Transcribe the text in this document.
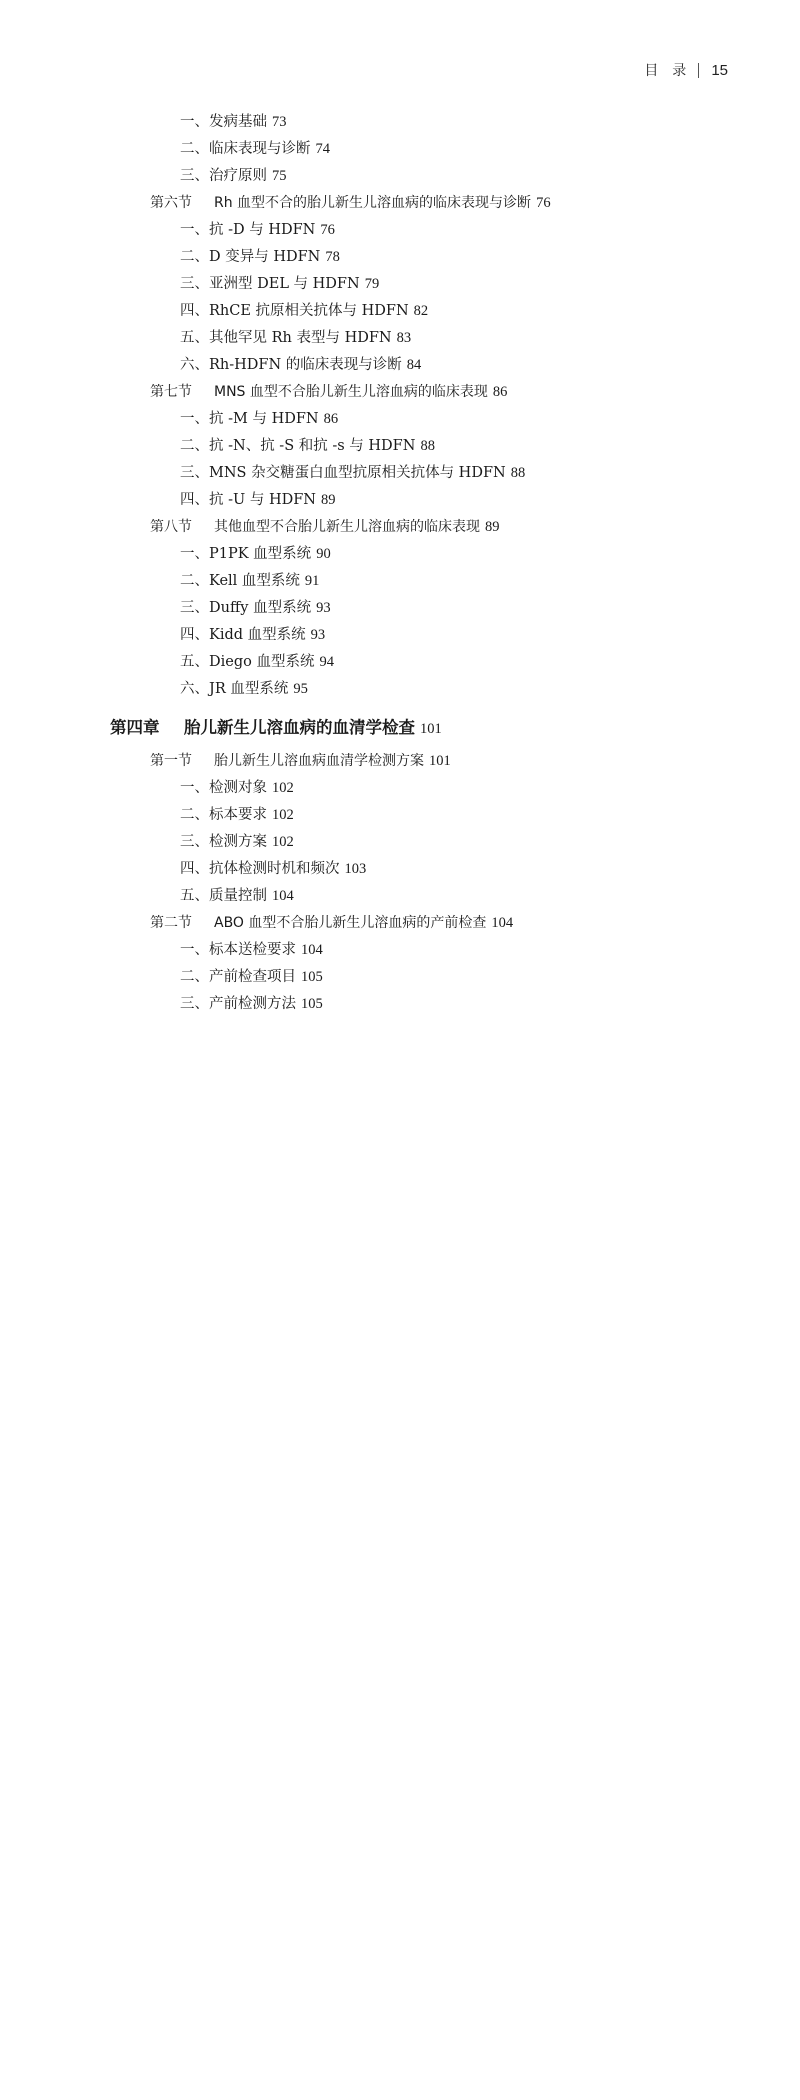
目　录 15
一、发病基础 73
二、临床表现与诊断 74
三、治疗原则 75
第六节 Rh 血型不合的胎儿新生儿溶血病的临床表现与诊断 76
一、抗 -D 与 HDFN 76
二、D 变异与 HDFN 78
三、亚洲型 DEL 与 HDFN 79
四、RhCE 抗原相关抗体与 HDFN 82
五、其他罕见 Rh 表型与 HDFN 83
六、Rh-HDFN 的临床表现与诊断 84
第七节 MNS 血型不合胎儿新生儿溶血病的临床表现 86
一、抗 -M 与 HDFN 86
二、抗 -N、抗 -S 和抗 -s 与 HDFN 88
三、MNS 杂交糖蛋白血型抗原相关抗体与 HDFN 88
四、抗 -U 与 HDFN 89
第八节 其他血型不合胎儿新生儿溶血病的临床表现 89
一、P1PK 血型系统 90
二、Kell 血型系统 91
三、Duffy 血型系统 93
四、Kidd 血型系统 93
五、Diego 血型系统 94
六、JR 血型系统 95
第四章 胎儿新生儿溶血病的血清学检查 101
第一节 胎儿新生儿溶血病血清学检测方案 101
一、检测对象 102
二、标本要求 102
三、检测方案 102
四、抗体检测时机和频次 103
五、质量控制 104
第二节 ABO 血型不合胎儿新生儿溶血病的产前检查 104
一、标本送检要求 104
二、产前检查项目 105
三、产前检测方法 105
